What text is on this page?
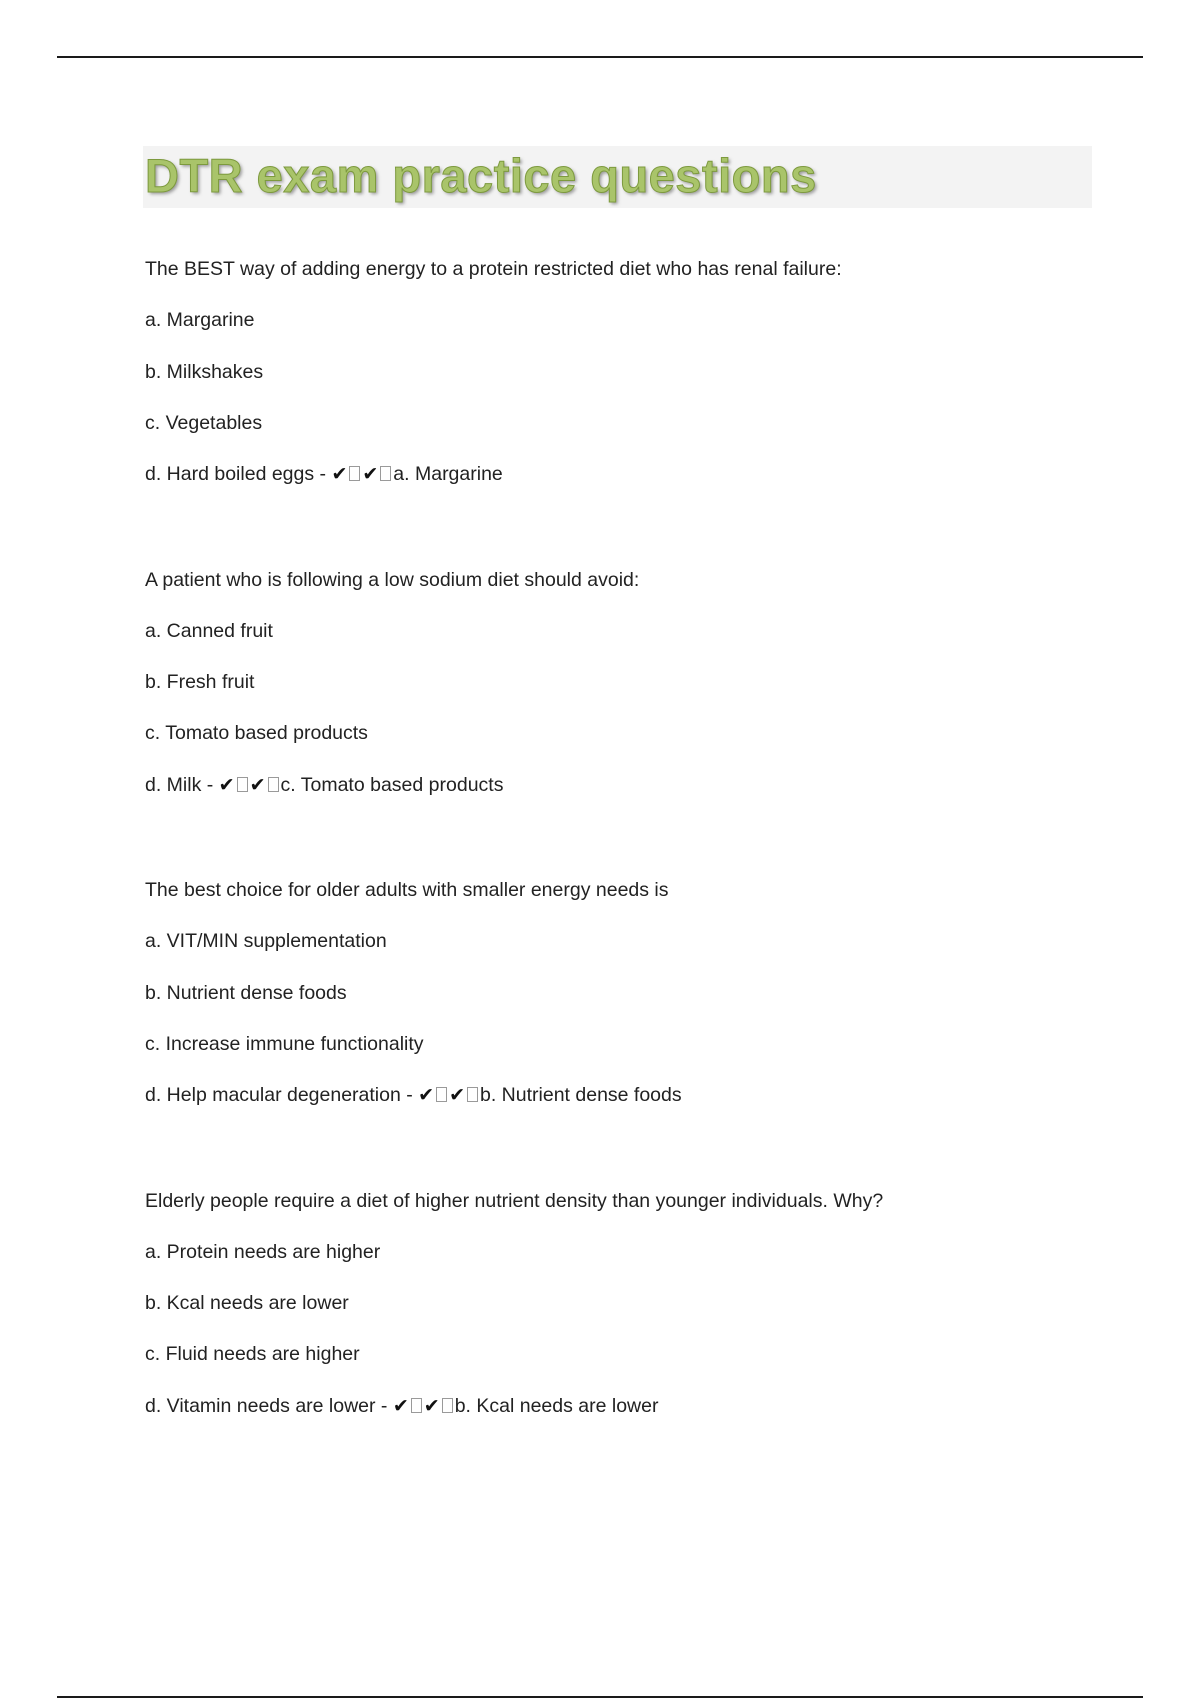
DTR exam practice questions
The BEST way of adding energy to a protein restricted diet who has renal failure:
a. Margarine
b. Milkshakes
c. Vegetables
d. Hard boiled eggs - ✔ ✔ a. Margarine
A patient who is following a low sodium diet should avoid:
a. Canned fruit
b. Fresh fruit
c. Tomato based products
d. Milk - ✔ ✔ c. Tomato based products
The best choice for older adults with smaller energy needs is
a. VIT/MIN supplementation
b. Nutrient dense foods
c. Increase immune functionality
d. Help macular degeneration - ✔ ✔ b. Nutrient dense foods
Elderly people require a diet of higher nutrient density than younger individuals. Why?
a. Protein needs are higher
b. Kcal needs are lower
c. Fluid needs are higher
d. Vitamin needs are lower - ✔ ✔ b. Kcal needs are lower
